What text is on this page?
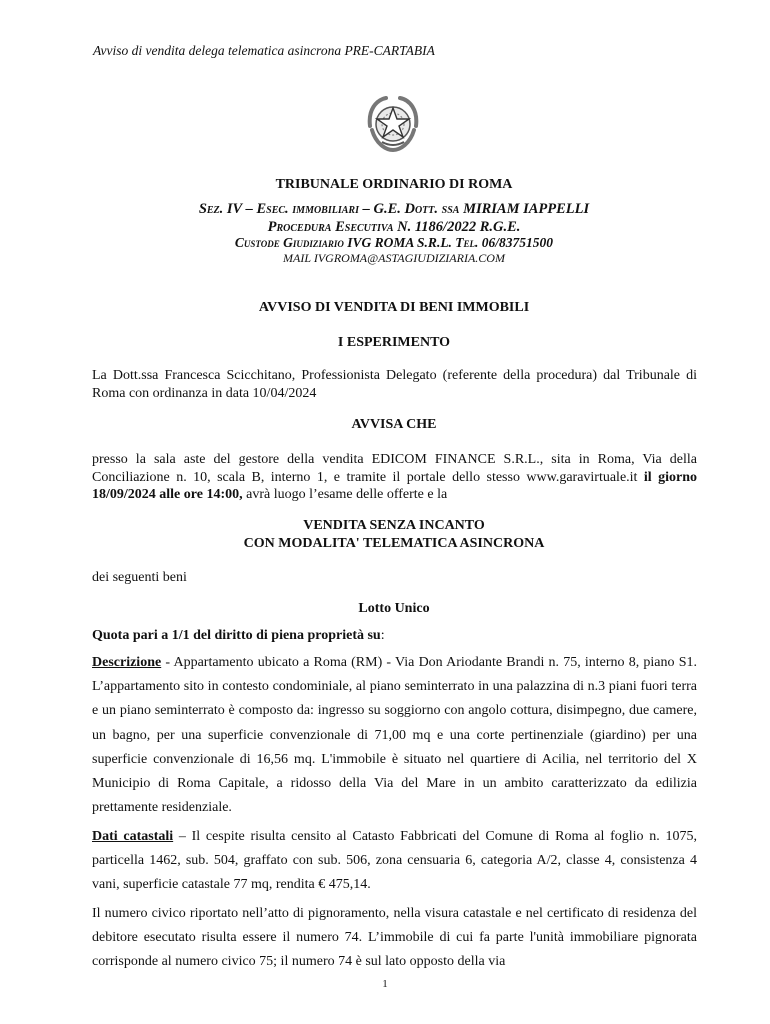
Avviso di vendita delega telematica asincrona PRE-CARTABIA
TRIBUNALE ORDINARIO DI ROMA
Sez. IV – Esec. immobiliari – G.E. Dott. ssa MIRIAM IAPPELLI
Procedura Esecutiva N. 1186/2022 R.G.E.
Custode Giudiziario IVG ROMA S.R.L. Tel. 06/83751500
MAIL IVGROMA@ASTAGIUDIZIARIA.COM
AVVISO DI VENDITA DI BENI IMMOBILI
I ESPERIMENTO
La Dott.ssa Francesca Scicchitano, Professionista Delegato (referente della procedura) dal Tribunale di Roma con ordinanza in data 10/04/2024
AVVISA CHE
presso la sala aste del gestore della vendita EDICOM FINANCE S.R.L., sita in Roma, Via della Conciliazione n. 10, scala B, interno 1, e tramite il portale dello stesso www.garavirtuale.it il giorno 18/09/2024 alle ore 14:00, avrà luogo l’esame delle offerte e la
VENDITA SENZA INCANTO
CON MODALITA' TELEMATICA ASINCRONA
dei seguenti beni
Lotto Unico
Quota pari a 1/1 del diritto di piena proprietà su:
Descrizione - Appartamento ubicato a Roma (RM) - Via Don Ariodante Brandi n. 75, interno 8, piano S1. L’appartamento sito in contesto condominiale, al piano seminterrato in una palazzina di n.3 piani fuori terra e un piano seminterrato è composto da: ingresso su soggiorno con angolo cottura, disimpegno, due camere, un bagno, per una superficie convenzionale di 71,00 mq e una corte pertinenziale (giardino) per una superficie convenzionale di 16,56 mq. L'immobile è situato nel quartiere di Acilia, nel territorio del X Municipio di Roma Capitale, a ridosso della Via del Mare in un ambito caratterizzato da edilizia prettamente residenziale.
Dati catastali – Il cespite risulta censito al Catasto Fabbricati del Comune di Roma al foglio n. 1075, particella 1462, sub. 504, graffato con sub. 506, zona censuaria 6, categoria A/2, classe 4, consistenza 4 vani, superficie catastale 77 mq, rendita € 475,14.
Il numero civico riportato nell’atto di pignoramento, nella visura catastale e nel certificato di residenza del debitore esecutato risulta essere il numero 74. L’immobile di cui fa parte l'unità immobiliare pignorata corrisponde al numero civico 75; il numero 74 è sul lato opposto della via
1
